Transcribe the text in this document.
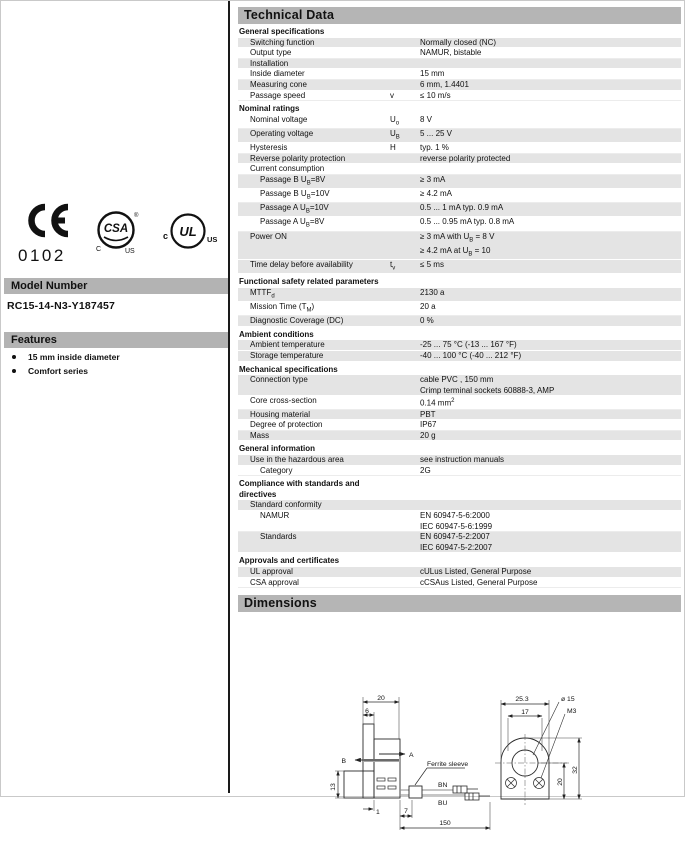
0102
CSA
®
C	US
UL
c	US
Model Number
RC15-14-N3-Y187457
Features
15 mm inside diameter
Comfort series
Technical Data
General specifications
Switching function	Normally closed (NC)
Output type	NAMUR, bistable
Installation
Inside diameter	15 mm
Measuring cone	6 mm, 1.4401
Passage speed	v	≤ 10 m/s
Nominal ratings
Nominal voltage	$U_o$	8 V
Operating voltage	$U_B$	5 ... 25 V
Hysteresis	H	typ. 1 %
Reverse polarity protection	reverse polarity protected
Current consumption
Passage B $U_B=8V$	≥ 3 mA
Passage B $U_B=10V$	≥ 4.2 mA
Passage A $U_B=10V$	0.5 ... 1 mA typ. 0.9 mA
Passage A $U_B=8V$	0.5 ... 0.95 mA typ. 0.8 mA
Power ON	≥ 3 mA with $U_B = 8$ V
≥ 4.2 mA at $U_B = 10$
Time delay before availability	$t_v$	≤ 5 ms
Functional safety related parameters
$MTTF_d$	2130 a
Mission Time $(T_M)$	20 a
Diagnostic Coverage (DC)	0 %
Ambient conditions
Ambient temperature	-25 ... 75 °C (-13 ... 167 °F)
Storage temperature	-40 ... 100 °C (-40 ... 212 °F)
Mechanical specifications
Connection type	cable PVC , 150 mm
Crimp terminal sockets 60888-3, AMP
Core cross-section	0.14 $mm^2$
Housing material	PBT
Degree of protection	IP67
Mass	20 g
General information
Use in the hazardous area	see instruction manuals
Category	2G
Compliance with standards and directives
Standard conformity
NAMUR	EN 60947-5-6:2000
IEC 60947-5-6:1999
Standards	EN 60947-5-2:2007
IEC 60947-5-2:2007
Approvals and certificates
UL approval	cULus Listed, General Purpose
CSA approval	cCSAus Listed, General Purpose
Dimensions
20
6
13
A
B	Ferrite sleeve
BN
BU
1	7
150
25.3
17
ø 15
M3
32
20
